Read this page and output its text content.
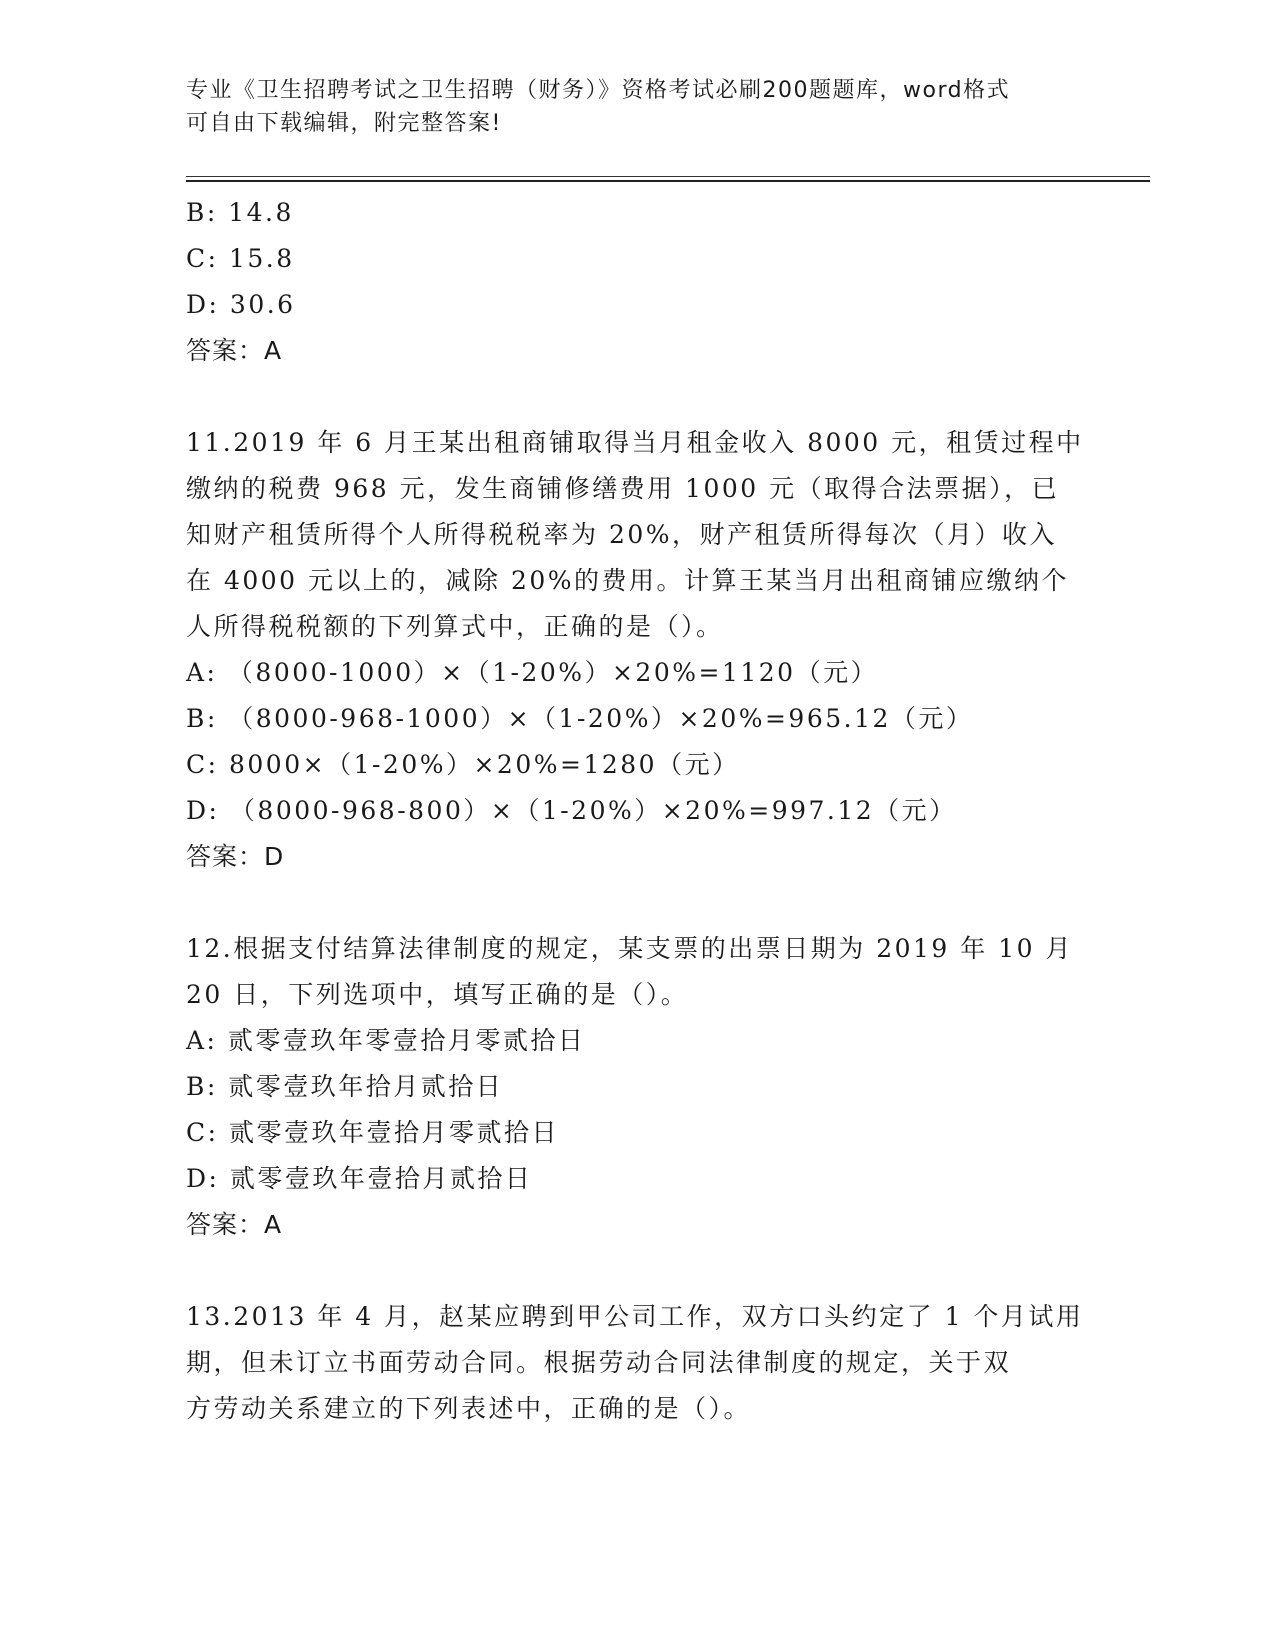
专业《卫生招聘考试之卫生招聘（财务）》资格考试必刷200题题库，word格式
可自由下载编辑，附完整答案!
B: 14.8
C: 15.8
D: 30.6
答案：A
11.2019 年 6 月王某出租商铺取得当月租金收入 8000 元，租赁过程中
缴纳的税费 968 元，发生商铺修缮费用 1000 元（取得合法票据），已
知财产租赁所得个人所得税税率为 20%，财产租赁所得每次（月）收入
在 4000 元以上的，减除 20%的费用。计算王某当月出租商铺应缴纳个
人所得税税额的下列算式中，正确的是（）。
A: （8000-1000）×（1-20%）×20%=1120（元）
B: （8000-968-1000）×（1-20%）×20%=965.12（元）
C: 8000×（1-20%）×20%=1280（元）
D: （8000-968-800）×（1-20%）×20%=997.12（元）
答案：D
12.根据支付结算法律制度的规定，某支票的出票日期为 2019 年 10 月
20 日，下列选项中，填写正确的是（）。
A: 贰零壹玖年零壹拾月零贰拾日
B: 贰零壹玖年拾月贰拾日
C: 贰零壹玖年壹拾月零贰拾日
D: 贰零壹玖年壹拾月贰拾日
答案：A
13.2013 年 4 月，赵某应聘到甲公司工作，双方口头约定了 1 个月试用
期，但未订立书面劳动合同。根据劳动合同法律制度的规定，关于双
方劳动关系建立的下列表述中，正确的是（）。
